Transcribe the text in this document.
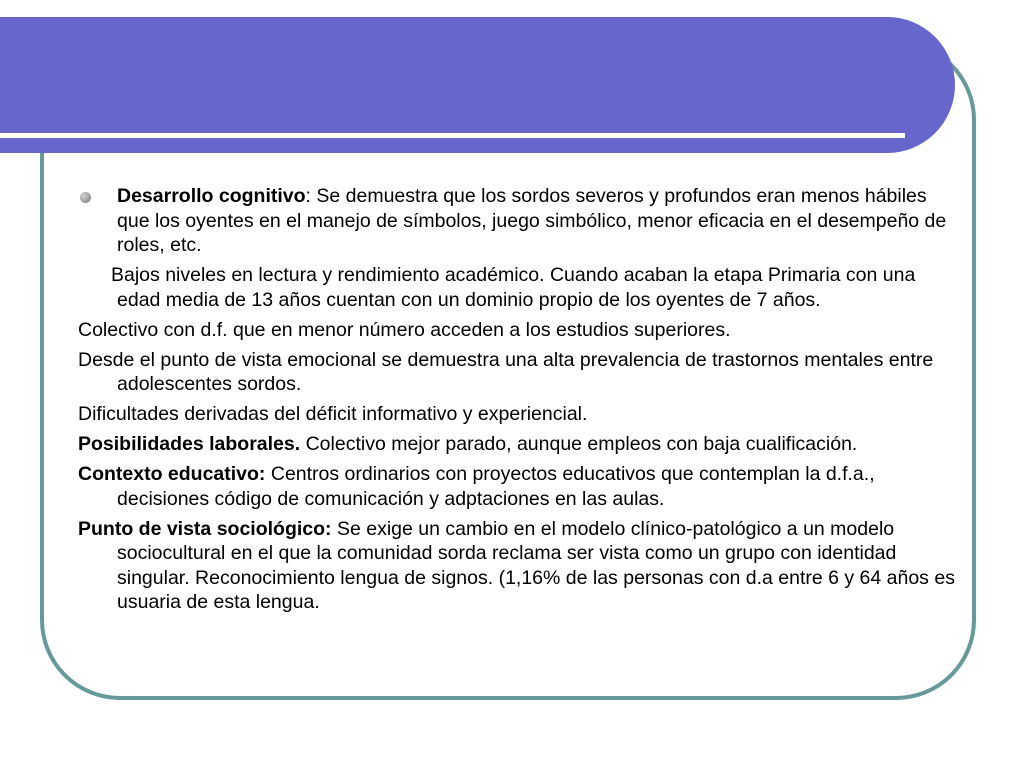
Desarrollo cognitivo: Se demuestra que los sordos severos y profundos eran menos hábiles que los oyentes en el manejo de símbolos, juego simbólico, menor eficacia en el desempeño de roles, etc.

Bajos niveles en lectura y rendimiento académico. Cuando acaban la etapa Primaria con una edad media de 13 años cuentan con un dominio propio de los oyentes de 7 años.

Colectivo con d.f. que en menor número acceden a los estudios superiores.

Desde el punto de vista emocional se demuestra una alta prevalencia de trastornos mentales entre adolescentes sordos.

Dificultades derivadas del déficit informativo y experiencial.

Posibilidades laborales. Colectivo mejor parado, aunque empleos con baja cualificación.

Contexto educativo: Centros ordinarios con proyectos educativos que contemplan la d.f.a., decisiones código de comunicación y adptaciones en las aulas.

Punto de vista sociológico: Se exige un cambio en el modelo clínico-patológico a un modelo sociocultural en el que la comunidad sorda reclama ser vista como un grupo con identidad singular. Reconocimiento lengua de signos. (1,16% de las personas con d.a entre 6 y 64 años es usuaria de esta lengua.
